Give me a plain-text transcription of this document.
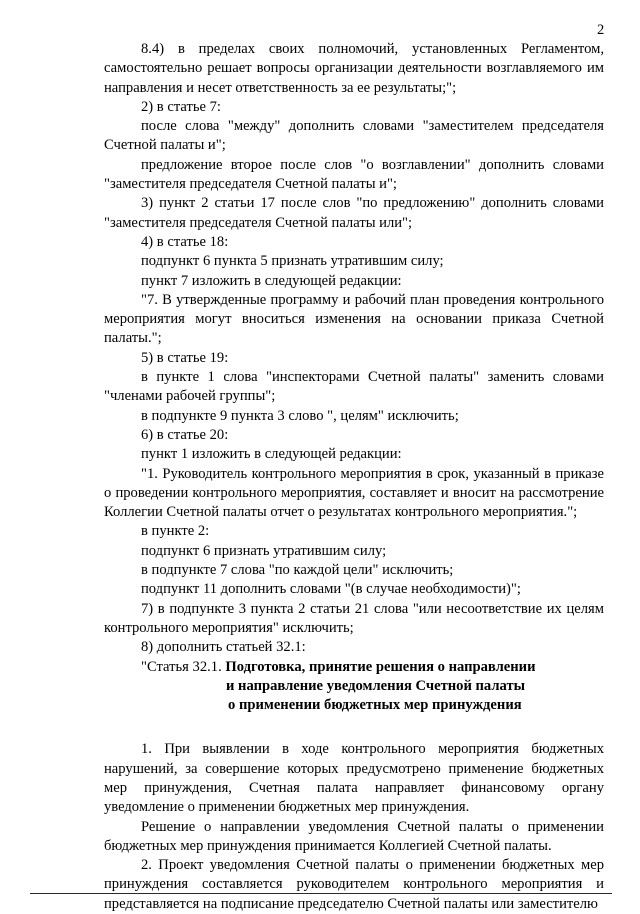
2

8.4) в пределах своих полномочий, установленных Регламентом, самостоятельно решает вопросы организации деятельности возглавляемого им направления и несет ответственность за ее результаты;";

2) в статье 7:

после слова "между" дополнить словами "заместителем председателя Счетной палаты и";

предложение второе после слов "о возглавлении" дополнить словами "заместителя председателя Счетной палаты и";

3) пункт 2 статьи 17 после слов "по предложению" дополнить словами "заместителя председателя Счетной палаты или";

4) в статье 18:

подпункт 6 пункта 5 признать утратившим силу;

пункт 7 изложить в следующей редакции:

"7. В утвержденные программу и рабочий план проведения контрольного мероприятия могут вноситься изменения на основании приказа Счетной палаты.";

5) в статье 19:

в пункте 1 слова "инспекторами Счетной палаты" заменить словами "членами рабочей группы";

в подпункте 9 пункта 3 слово ", целям" исключить;

6) в статье 20:

пункт 1 изложить в следующей редакции:

"1. Руководитель контрольного мероприятия в срок, указанный в приказе о проведении контрольного мероприятия, составляет и вносит на рассмотрение Коллегии Счетной палаты отчет о результатах контрольного мероприятия.";

в пункте 2:

подпункт 6 признать утратившим силу;

в подпункте 7 слова "по каждой цели" исключить;

подпункт 11 дополнить словами "(в случае необходимости)";

7) в подпункте 3 пункта 2 статьи 21 слова "или несоответствие их целям контрольного мероприятия" исключить;

8) дополнить статьей 32.1:

"Статья 32.1. Подготовка, принятие решения о направлении

и направление уведомления Счетной палаты

о применении бюджетных мер принуждения

1. При выявлении в ходе контрольного мероприятия бюджетных нарушений, за совершение которых предусмотрено применение бюджетных мер принуждения, Счетная палата направляет финансовому органу уведомление о применении бюджетных мер принуждения.

Решение о направлении уведомления Счетной палаты о применении бюджетных мер принуждения принимается Коллегией Счетной палаты.

2. Проект уведомления Счетной палаты о применении бюджетных мер принуждения составляется руководителем контрольного мероприятия и представляется на подписание председателю Счетной палаты или заместителю
